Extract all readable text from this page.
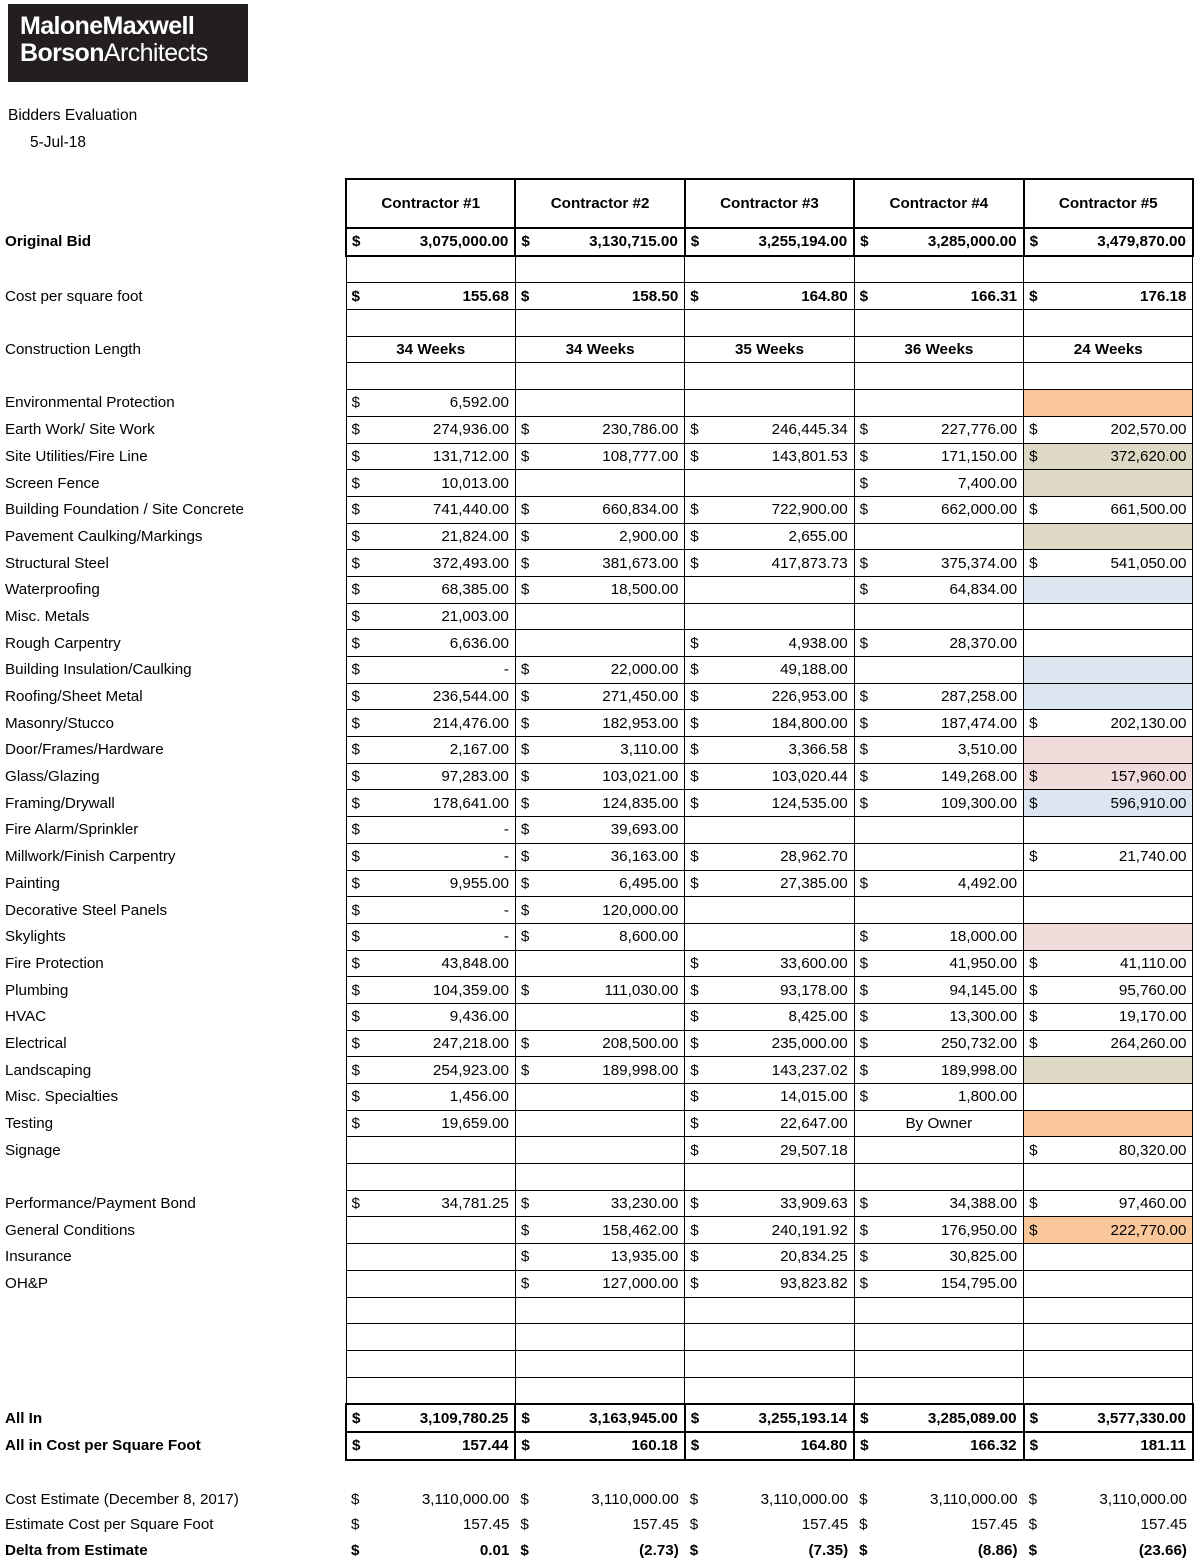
MaloneMaxwell
BorsonArchitects
Bidders Evaluation
5-Jul-18
	Contractor #1	Contractor #2	Contractor #3	Contractor #4	Contractor #5
Original Bid	$ 3,075,000.00	$ 3,130,715.00	$ 3,255,194.00	$ 3,285,000.00	$ 3,479,870.00

Cost per square foot	$ 155.68	$ 158.50	$ 164.80	$ 166.31	$ 176.18

Construction Length	34 Weeks	34 Weeks	35 Weeks	36 Weeks	24 Weeks

Environmental Protection	$ 6,592.00				

Earth Work/ Site Work	$ 274,936.00	$ 230,786.00	$ 246,445.34	$ 227,776.00	$ 202,570.00

Site Utilities/Fire Line	$ 131,712.00	$ 108,777.00	$ 143,801.53	$ 171,150.00	$ 372,620.00

Screen Fence	$ 10,013.00			$ 7,400.00	

Building Foundation / Site Concrete	$ 741,440.00	$ 660,834.00	$ 722,900.00	$ 662,000.00	$ 661,500.00

Pavement Caulking/Markings	$ 21,824.00	$ 2,900.00	$ 2,655.00		

Structural Steel	$ 372,493.00	$ 381,673.00	$ 417,873.73	$ 375,374.00	$ 541,050.00

Waterproofing	$ 68,385.00	$ 18,500.00		$ 64,834.00	

Misc. Metals	$ 21,003.00				

Rough Carpentry	$ 6,636.00		$ 4,938.00	$ 28,370.00	

Building Insulation/Caulking	$ -	$ 22,000.00	$ 49,188.00		

Roofing/Sheet Metal	$ 236,544.00	$ 271,450.00	$ 226,953.00	$ 287,258.00	

Masonry/Stucco	$ 214,476.00	$ 182,953.00	$ 184,800.00	$ 187,474.00	$ 202,130.00

Door/Frames/Hardware	$ 2,167.00	$ 3,110.00	$ 3,366.58	$ 3,510.00	

Glass/Glazing	$ 97,283.00	$ 103,021.00	$ 103,020.44	$ 149,268.00	$ 157,960.00

Framing/Drywall	$ 178,641.00	$ 124,835.00	$ 124,535.00	$ 109,300.00	$ 596,910.00

Fire Alarm/Sprinkler	$ -	$ 39,693.00			

Millwork/Finish Carpentry	$ -	$ 36,163.00	$ 28,962.70		$ 21,740.00

Painting	$ 9,955.00	$ 6,495.00	$ 27,385.00	$ 4,492.00	

Decorative Steel Panels	$ -	$ 120,000.00			

Skylights	$ -	$ 8,600.00		$ 18,000.00	

Fire Protection	$ 43,848.00		$ 33,600.00	$ 41,950.00	$ 41,110.00

Plumbing	$ 104,359.00	$ 111,030.00	$ 93,178.00	$ 94,145.00	$ 95,760.00

HVAC	$ 9,436.00		$ 8,425.00	$ 13,300.00	$ 19,170.00

Electrical	$ 247,218.00	$ 208,500.00	$ 235,000.00	$ 250,732.00	$ 264,260.00

Landscaping	$ 254,923.00	$ 189,998.00	$ 143,237.02	$ 189,998.00	

Misc. Specialties	$ 1,456.00		$ 14,015.00	$ 1,800.00	

Testing	$ 19,659.00		$ 22,647.00	By Owner	

Signage			$ 29,507.18		$ 80,320.00

Performance/Payment Bond	$ 34,781.25	$ 33,230.00	$ 33,909.63	$ 34,388.00	$ 97,460.00

General Conditions		$ 158,462.00	$ 240,191.92	$ 176,950.00	$ 222,770.00

Insurance		$ 13,935.00	$ 20,834.25	$ 30,825.00	

OH&P		$ 127,000.00	$ 93,823.82	$ 154,795.00	

All In	$ 3,109,780.25	$ 3,163,945.00	$ 3,255,193.14	$ 3,285,089.00	$ 3,577,330.00

All in Cost per Square Foot	$ 157.44	$ 160.18	$ 164.80	$ 166.32	$ 181.11

Cost Estimate (December 8, 2017)	$ 3,110,000.00	$ 3,110,000.00	$ 3,110,000.00	$ 3,110,000.00	$ 3,110,000.00

Estimate Cost per Square Foot	$ 157.45	$ 157.45	$ 157.45	$ 157.45	$ 157.45

Delta from Estimate	$ 0.01	$ (2.73)	$ (7.35)	$ (8.86)	$ (23.66)
